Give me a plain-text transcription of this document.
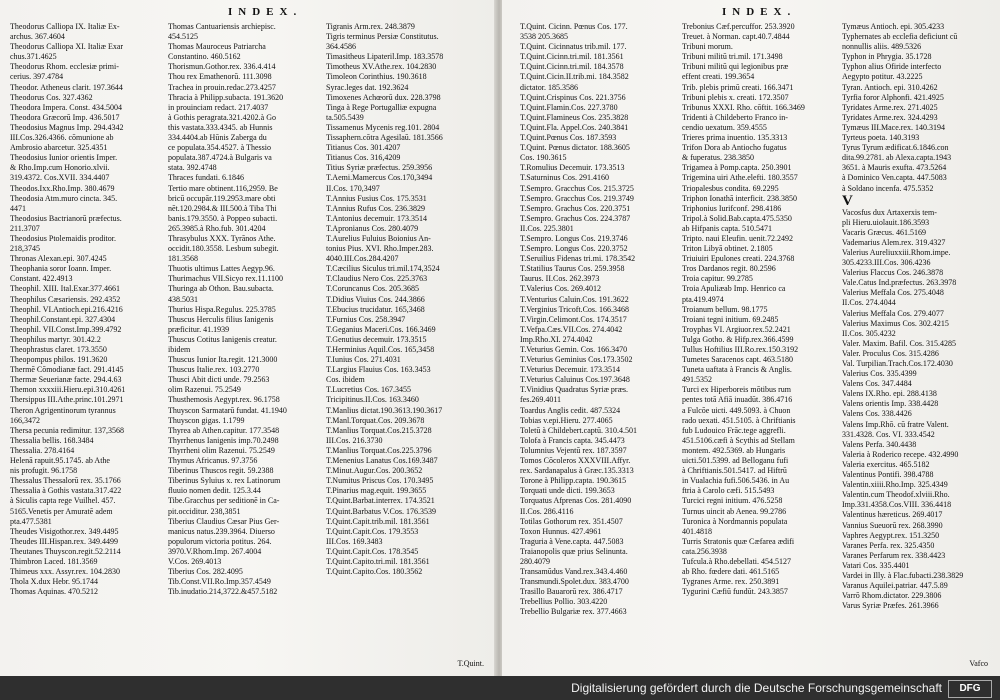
INDEX.
Theodorus Calliopa IX. Italiæ Ex-
archus. 367.4604
Theodorus Calliopa XI. Italiæ Exar
chus.371.4625
Theodorus Rhom. ecclesiæ primi-
cerius. 397.4784
Theodor. Atheneus clarit. 197.3644
Theodorus Cos. 327.4362
Theodora Impera. Const. 434.5004
Theodora Græcorū Imp. 436.5017
Theodosius Magnus Imp. 294.4342
III.Cos.326.4366. cōmunione ab
Ambrosio abarcetur. 325.4351
Theodosius Iunior orientis Imper.
& Rho.Imp.cum Honorio.xlvii.
319.4372. Cos.XVII. 334.4407
Theodos.Ixx.Rho.Imp. 380.4679
Theodosia Atm.muro cincta. 345.
4471
Theodosius Bactrianorū præfectus.
211.3707
Theodosius Ptolemaidis proditor.
218,3745
Thronas Alexan.epi. 307.4245
Theophania soror Ioann. Imper.
Constant. 422.4913
Theophil. XIII. Ital.Exar.377.4661
Theophilus Cæsariensis. 292.4352
Theophil. VI.Antioch.epi.216.4216
Theophil.Constant.epi. 327.4304
Theophil. VII.Const.Imp.399.4792
Theophilus martyr. 301.42.2
Theophrastus claret. 173.3550
Theopompus philos. 191.3620
Thermē Cōmodianæ fact. 291.4145
Thermæ Seuerianæ facte. 294.4.63
Themon xxxxiii.Hieru.epi.310.4261
Thersippus III.Athe.princ.101.2971
Theron Agrigentinorum tyrannus
166,3472
Thersa pecunia redimitur. 137,3568
Thessalia bellis. 168.3484
Thessalia. 278.4164
Helenā rapuit.95.1745. ab Athe
nis profugit. 96.1758
Thessalus Thessalorū rex. 35.1766
Thessalia à Gothis vastata.317.422
à Siculis capta rege Vuilhel. 457.
5165.Venetis per Amuratē adem
pta.477.5381
Theudes Visigothor.rex. 349.4495
Theudes III.Hispan.rex. 349.4499
Theutanes Thuyscon.regit.52.2114
Thimbron Laced. 181.3569
Thimeus xxx. Assyr.rex. 104.2830
Thola X.dux Hebr. 95.1744
Thomas Aquinas. 470.5212
Thomas Cantuariensis archiepisc.
454.5125
Thomas Mauroceus Patriarcha
Constantino. 460.5162
Thorismun.Gothor.rex. 336.4.414
Thou rex Emathenorū. 111.3098
Trachea in prouin.redac.273.4257
Thracia à Philipp.subacta. 191.3620
in prouinciam redact. 217.4037
à Gothis peragrata.321.4202.à Go
this vastata.333.4345. ab Hunnis
334.4404.ab Hūnis Zaberga du
ce populata.354.4527. à Thessio
populata.387.4724.à Bulgaris va
stata. 392.4748
Thraces fundati. 6.1846
Tertio mare obtinent.116,2959. Be
bricū occupār.119.2953.mare obti
nēt.120.2984.& III.500.à Tiba Thi
banis.179.3550. à Poppeo subacti.
265.3985.à Rho.fub. 301.4204
Thrasybulus XXX. Tyrānos Athe.
occidit.180.3558. Lesbum subegit.
181.3568
Thuotis ultimus Lattes Aegyp.96.
Thurimachus VII.Sicyo rex.11.1100
Thuringa ab Othon. Bau.subacta.
438.5031
Thurius Hispa.Regulus. 225.3785
Thuscus Herculis filius Ianigenis
præficitur. 41.1939
Thuscus Cotitus Ianigenis creatur.
ibidem
Thuscus Iunior Ita.regit. 121.3000
Thuscus Italie.rex. 103.2770
Thusci Abit dicti unde. 79.2563
olim Razenui. 75.2549
Thusthemosis Aegypt.rex. 96.1758
Thuyscon Sarmatarū fundat. 41.1940
Thuyscon gigas. 1.1799
Thyrea ab Athen.capitur. 177.3548
Thyrrhenus Ianigenis imp.70.2498
Thyrrheni olim Razenui. 75.2549
Thymus Africanus. 97.3756
Tiberinus Thuscos regit. 59.2388
Tiberinus Syluius x. rex Latinorum
fluuio nomen dedit. 125.3.44
Tibe.Gracchus per seditionē in Ca-
pit.occiditur. 238,3851
Tiberius Claudius Cæsar Pius Ger-
manicus natus.239.3964. Diuerso
populorum victoria potitus. 264.
3970.V.Rhom.Imp. 267.4004
V.Cos. 269.4013
Tiberius Cos. 282.4095
Tib.Const.VII.Ro.Imp.357.4549
Tib.inudatio.214,3722.&457.5182
Tigranis Arm.rex. 248.3879
Tigris terminus Persiæ Constitutus.
364.4586
Timasitheus Lipateril.Imp. 183.3578
Timotheus XV.Athe.rex. 104.2830
Timoleon Corinthius. 190.3618
Syrac.leges dat. 192.3624
Timoxenes Achœorū dux. 228.3798
Tinga à Rege Portugalliæ expugna
ta.505.5439
Tissamenus Mycenis reg.101. 2804
Tissaphern.cōtra Agesilaū. 181.3566
Titianus Cos. 301.4207
Titianus Cos. 316,4209
Titius Syriæ præfectus. 259.3956
T.Aemi.Mamercus Cos.170,3494
II.Cos. 170,3497
T.Annius Fusius Cos. 175.3531
T.Annius Rufus Cos. 236.3829
T.Antonius decemuir. 173.3514
T.Apronianus Cos. 280.4079
T.Aurelius Fuluius Boionius An-
tonius Pius. XVI. Rho.Imper.283.
4040.III.Cos.284.4207
T.Cæcilius Siculus tri.mil.174,3524
T.Claudius Nero Cos. 225.3763
T.Coruncanus Cos. 205.3685
T.Didius Viuius Cos. 244.3866
T.Ebucius trucidatur. 165,3468
T.Furnius Cos. 258.3947
T.Geganius Maceri.Cos. 166.3469
T.Genutius decemuir. 173.3515
T.Herminius Aquil.Cos. 165,3458
T.Iunius Cos. 271.4031
T.Largius Flauius Cos. 163.3453
Cos. ibidem
T.Lucretius Cos. 167.3455
Tricipitinus.II.Cos. 163.3460
T.Manlius dictat.190.3613.190.3617
T.Manl.Torquat.Cos. 209.3678
T.Manlius Torquat.Cos.215.3728
III.Cos. 216.3730
T.Manlius Torquat.Cos.225.3796
T.Menenius Lanatus Cos.169.3487
T.Minut.Augur.Cos. 200.3652
T.Numitus Priscus Cos. 170.3495
T.Pinarius mag.equit. 199.3655
T.Quint.Barbat.interrex. 174.3521
T.Quint.Barbatus V.Cos. 176.3539
T.Quint.Capit.trib.mil. 181.3561
T.Quint.Capit.Cos. 179.3553
III.Cos. 169.3483
T.Quint.Capit.Cos. 178.3545
T.Quint.Capito.tri.mil. 181.3561
T.Quint.Capito.Cos. 180.3562
T.Quint.
INDEX.
T.Quint. Cicinn. Pœnus Cos. 177.
3538 205.3685
T.Quint. Cicinnatus trib.mil. 177.
T.Quint.Cicinn.tri.mil. 181.3561
T.Quint.Cicinn.tri.mil. 184.3578
T.Quint.Cicin.II.trib.mi. 184.3582
dictator. 185.3586
T.Quint.Crispinus Cos. 221.3756
T.Quint.Flamin.Cos. 227.3780
T.Quint.Flamineus Cos. 235.3828
T.Quint.Fla. Appel.Cos. 240.3841
T.Quint.Pœnus Cos. 187.3593
T.Quint. Pœnus dictator. 188.3605
Cos. 190.3615
T.Romulius Decemuir. 173.3513
T.Saturninus Cos. 291.4160
T.Sempro. Gracchus Cos. 215.3725
T.Sempro. Gracchus Cos. 219.3749
T.Sempro. Grachus Cos. 220.3751
T.Sempro. Grachus Cos. 224.3787
II.Cos. 225.3801
T.Sempro. Longus Cos. 219.3746
T.Sempro. Longus Cos. 220.3752
T.Seruilius Fidenas tri.mi. 178.3542
T.Statilius Taurus Cos. 259.3958
Taurus. II.Cos. 262.3973
T.Valerius Cos. 269.4012
T.Venturius Caluin.Cos. 191.3622
T.Verginius Tricoft.Cos. 166.3468
T.Virgin.Celimont.Cos. 174.3517
T.Vefpa.Cæs.VII.Cos. 274.4042
Imp.Rho.XI. 274.4042
T.Veturius Gemin. Cos. 166.3470
T.Veturius Geminius Cos.173.3502
T.Veturius Decemuir. 173.3514
T.Veturius Caluinus Cos.197.3648
T.Vinidius Quadratus Syriæ præs.
fes.269.4011
Toardus Anglis cedit. 487.5324
Tobias v.epi.Hieru. 277.4065
Toletū à Childebert.captū. 310.4.501
Tolofa à Francis capta. 345.4473
Tolumnius Vejentū rex. 187.3597
Tomos Cōcoleros XXXVIII.Affyr.
rex. Sardanapalus à Græc.135.3313
Torone à Philipp.capta. 190.3615
Torquati unde dicti. 199.3653
Torquatus Afprenas Cos. 281.4090
II.Cos. 286.4116
Totilas Gothorum rex. 351.4507
Toxon Hunnus. 427.4961
Traguria à Vene.capta. 447.5083
Traianopolis quæ prius Selinunta.
280.4079
Transamūdus Vand.rex.343.4.460
Transmundi.Spolet.dux. 383.4700
Trasillo Bauarorū rex. 386.4717
Trebellius Pollio. 303.4220
Trebellio Bulgariæ rex. 377.4663
Trebonius Cæf.percuffor. 253.3920
Treuet. à Norman. capt.40.7.4844
Tribuni morum.
Tribuni militū tri.mil. 171.3498
Tribuni militū qui legionibus præ
effent creati. 199.3654
Trib. plebis primū creati. 166.3471
Tribuni plebis x. creati. 172.3507
Tribunus XXXI. Rho. cōftit. 166.3469
Tridenti à Childeberto Franco in-
cendio uexatum. 359.4555
Trieres prima inuentio. 135.3313
Trifon Dora ab Antiocho fugatus
& fuperatus. 238.3850
Trigamea à Pomp.capta. 250.3901
Trigemina uiri Athe.elefti. 180.3557
Triopalesbus condita. 69.2295
Triphon Ionathā interficit. 238.3850
Triphonius Iurifconf. 298.4186
Tripol.à Solid.Bab.capta.475.5350
ab Hifpanis capta. 510.5471
Tripto. naui Eleufin. uenit.72.2492
Triton Libyā obtinet. 2.1805
Triuiuiri Epulones creati. 224.3768
Tros Dardanos regit. 80.2596
Troia capitur. 99.2785
Troia Apuliæab Imp. Henrico ca
pta.419.4974
Troianum bellum. 98.1775
Troiani tegni initium. 69.2485
Troyphas VI. Argiuor.rex.52.2421
Tulga Gotho. & Hifp.rex.366.4599
Tullus Hoftilius III.Ro.rex.150.3192
Tumetes Saracenos capt. 463.5180
Tuneta uaftata à Francis & Anglis.
491.5352
Turci ex Hiperboreis mōtibus rum
pentes totā Afiā inuadūt. 386.4716
a Fulcōe uicti. 449.5093. à Chuon
rado uexati. 451.5105. à Chriftianis
fub Ludouico Frāc.tege aggrefli.
451.5106.cæfi à Scythis ad Stellam
montem. 492.5369. ab Hungaris
uicti.501.5399. ad Belloganu fufi
à Chriftianis.501.5417. ad Hiftrū
in Vualachia fufi.506.5436. in Au
ftria à Carolo cæfi. 515.5493
Turcici regni initium. 476.5258
Turnus uincit ab Aenea. 99.2786
Turonica à Nordmannis populata
401.4818
Turris Stratonis quæ Cæfarea ædifi
cata.256.3938
Tufcula.à Rho.debellati. 454.5127
ab Rho. fœdere dati. 461.5165
Tygranes Arme. rex. 250.3891
Tygurini Cæfiū fundūt. 243.3857
Tymæus Antioch. epi. 305.4233
Typhernates ab ecclefia deficiunt cū
nonnullis aliis. 489.5326
Typhon in Phrygia. 35.1728
Typhon alius Ofiride interfecto
Aegypto potitur. 43.2225
Tyran. Antioch. epi. 310.4262
Tyrfia foror Alphonfi. 421.4925
Tyridates Arme.rex. 271.4025
Tyridates Arme.rex. 324.4293
Tymæus III.Mace.rex. 140.3194
Tyrteus poeta. 140.3193
Tyrus Tyrum ædificat.6.1846.con
dita.99.2781. ab Alexa.capta.1943
3651. à Mauris exufta. 473.5264
à Dominico Ven.capta. 447.5083
à Soldano incenfa. 475.5352
V
Vacosfus dux Artaxerxis tem-
pli Hieru.uiolauit.186.3593
Vacaris Græcus. 461.5169
Vademarius Alem.rex. 319.4327
Valerius Aureliuxxiii.Rhom.impe.
305.4233.III.Cos. 306.4236
Valerius Flaccus Cos. 246.3878
Vale.Catus Ind.præfectus. 263.3978
Valerius Meffala Cos. 275.4048
II.Cos. 274.4044
Valerius Meffala Cos. 279.4077
Valerius Maximus Cos. 302.4215
II.Cos. 305.4232
Valer. Maxim. Bafil. Cos. 315.4285
Valer. Proculus Cos. 315.4286
Val. Turpilian.Trach.Cos.172.4030
Valerius Cos. 335.4399
Valens Cos. 347.4484
Valens IX.Rho. epi. 288.4138
Valens orientis Imp. 338.4428
Valens Cos. 338.4426
Valens Imp.Rhō. cū fratre Valent.
331.4328. Cos. VI. 333.4542
Valens Perfa. 340.4438
Valeria à Roderico recepe. 432.4990
Valeria exercitus. 465.5182
Valentinus Pontifi. 398.4788
Valentin.xiiii.Rho.Imp. 325.4349
Valentin.cum Theodof.xlviii.Rho.
Imp.331.4358.Cos.VIII. 336.4418
Valentinus hæreticus. 269.4017
Vannius Sueuorū rex. 268.3990
Vaphres Aegypt.rex. 151.3250
Varanes Perfa. rex. 325.4350
Varanes Perfarum rex. 338.4423
Vatari Cos. 335.4401
Vardei in Illy. à Flac.fubacti.238.3829
Varanus Aquilei.patriar. 447.5.89
Varrō Rhom.dictator. 229.3806
Varus Syriæ Præfes. 261.3966
Vafco
Digitalisierung gefördert durch die Deutsche Forschungsgemeinschaft	DFG
